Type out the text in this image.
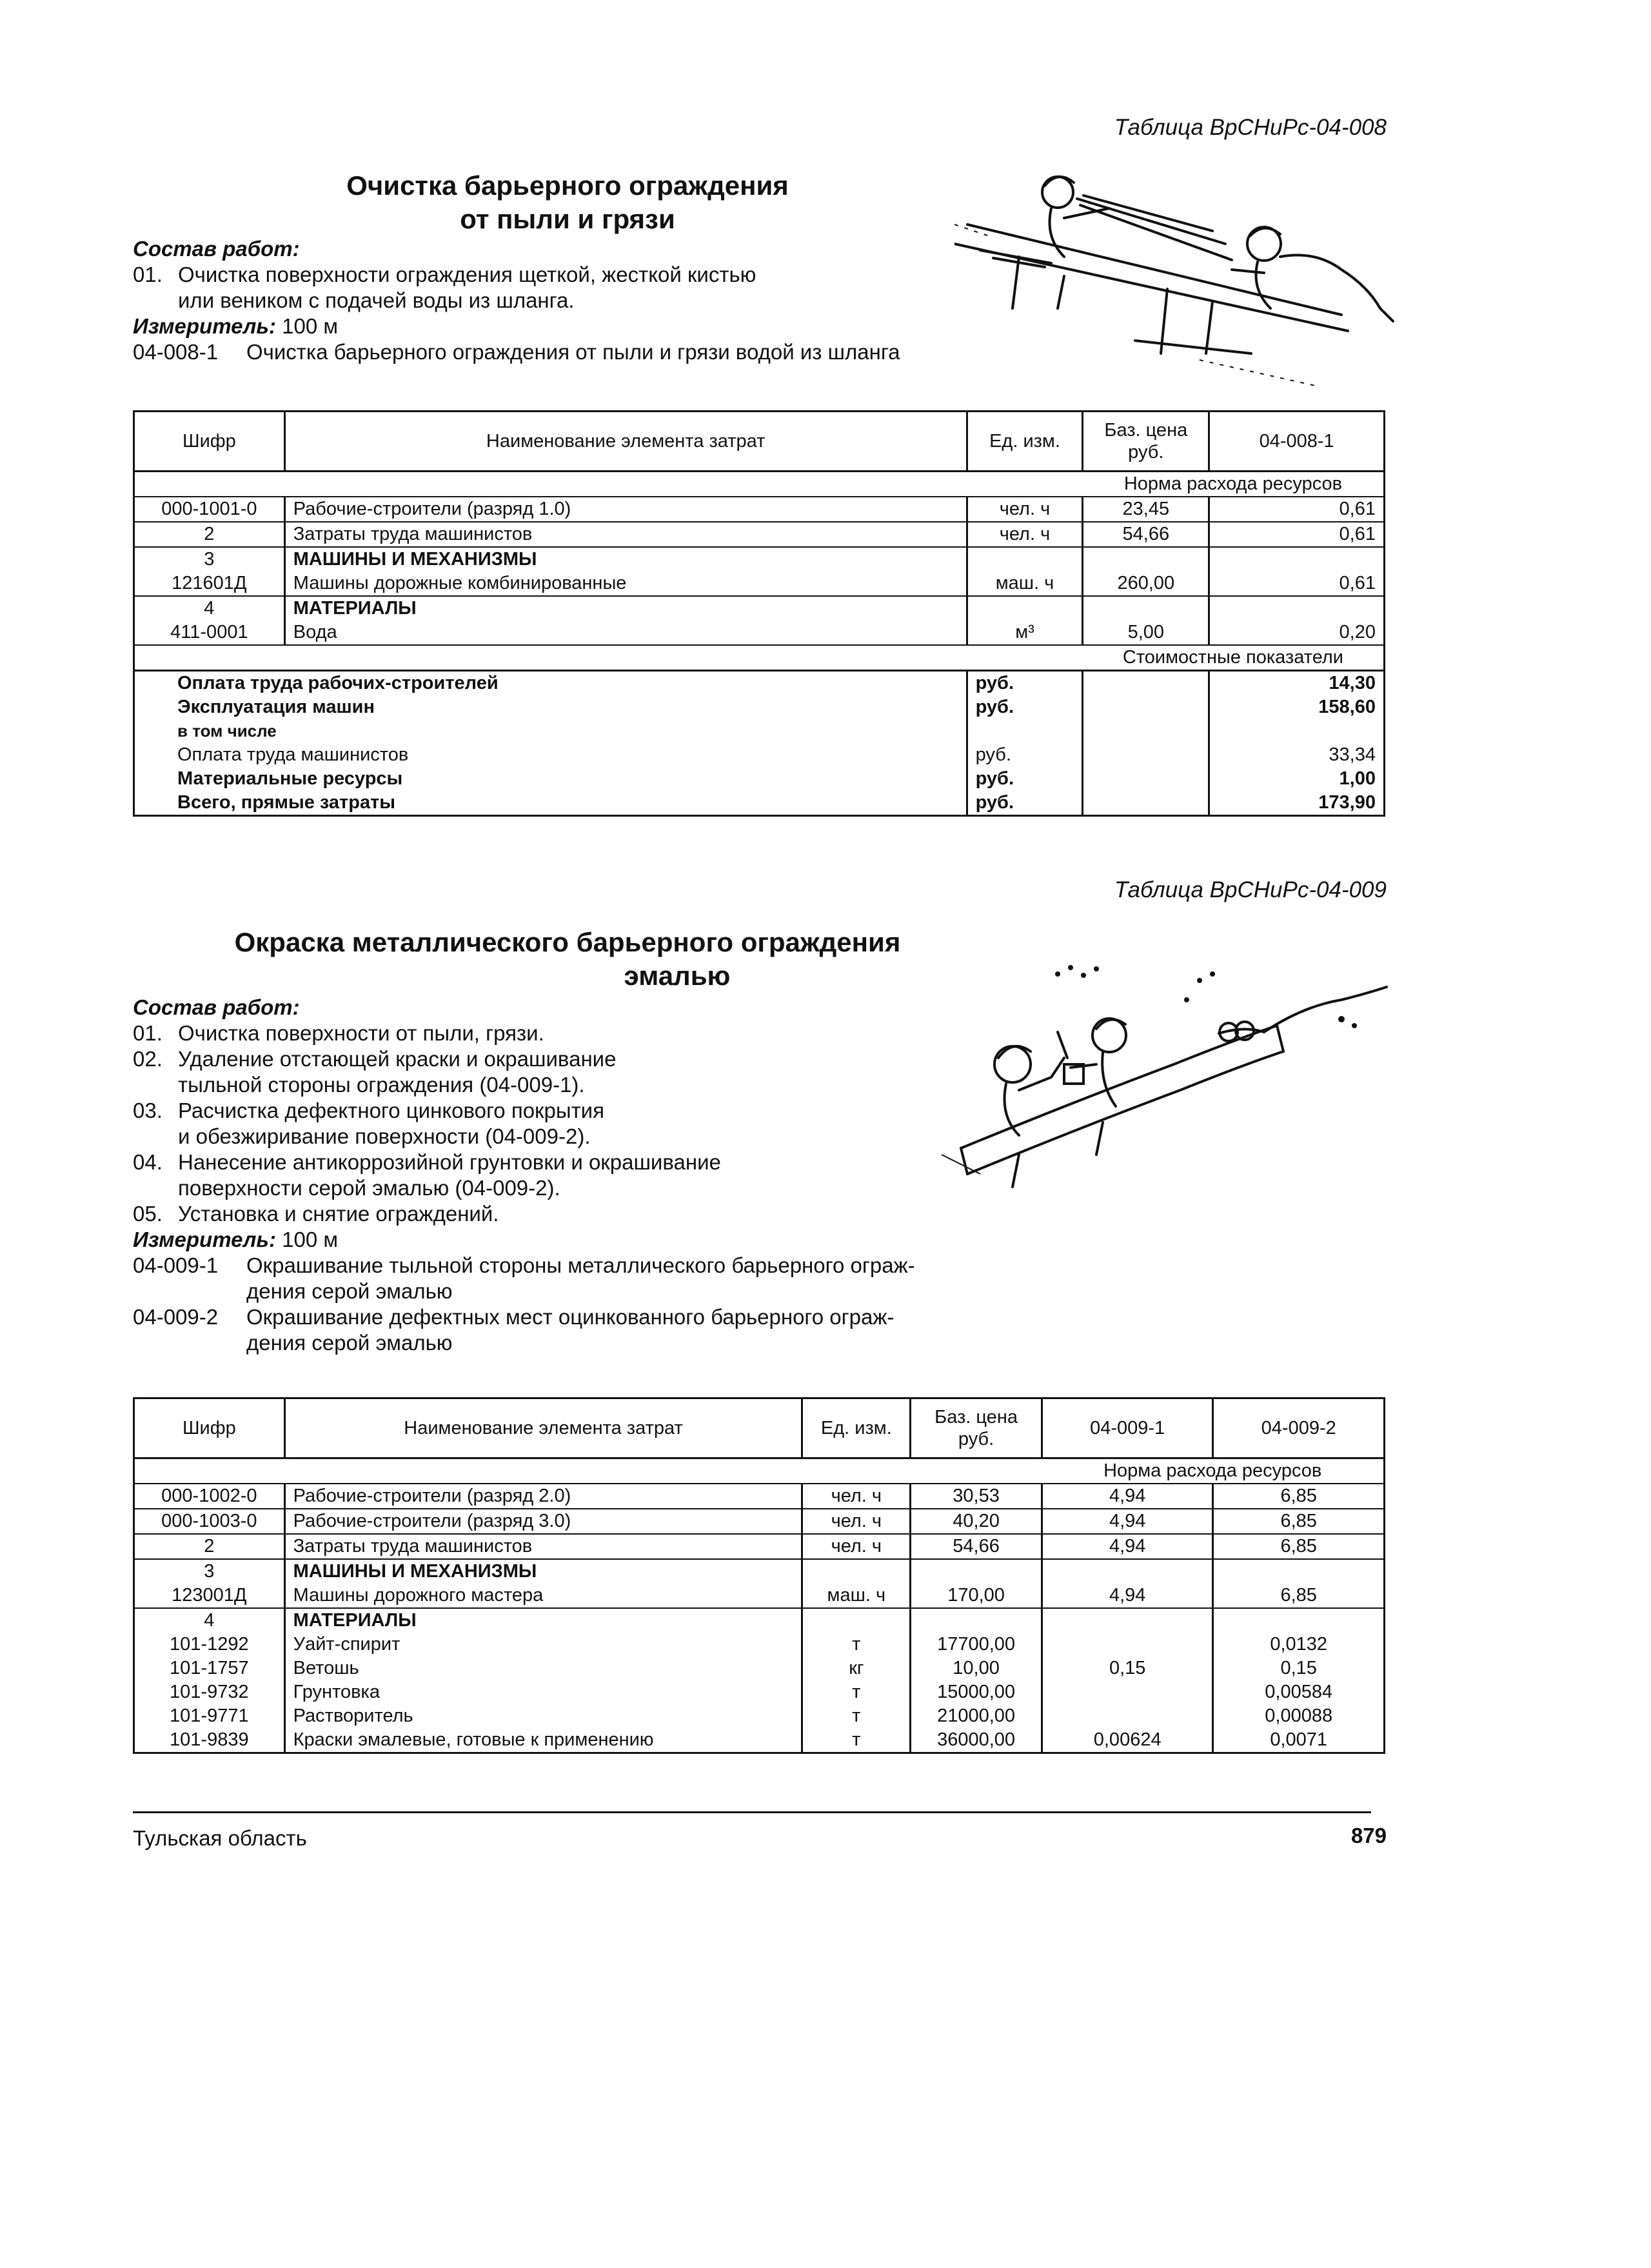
Таблица ВрСНиРс-04-008
Очистка барьерного ограждения
от пыли и грязи
Состав работ:
01. Очистка поверхности ограждения щеткой, жесткой кистью
или веником с подачей воды из шланга.
Измеритель: 100 м
04-008-1	Очистка барьерного ограждения от пыли и грязи водой из шланга
Шифр	Наименование элемента затрат	Ед. изм.	Баз. цена руб.	04-008-1
			Норма расхода ресурсов	
000-1001-0	Рабочие-строители (разряд 1.0)	чел. ч	23,45	0,61
2	Затраты труда машинистов	чел. ч	54,66	0,61
3	МАШИНЫ И МЕХАНИЗМЫ			
121601Д	Машины дорожные комбинированные	маш. ч	260,00	0,61
4	МАТЕРИАЛЫ			
411-0001	Вода	м³	5,00	0,20
			Стоимостные показатели	
Оплата труда рабочих-строителей		руб.		14,30
Эксплуатация машин		руб.		158,60
в том числе				
Оплата труда машинистов		руб.		33,34
Материальные ресурсы		руб.		1,00
Всего, прямые затраты		руб.		173,90
Таблица ВрСНиРс-04-009
Окраска металлического барьерного ограждения
эмалью
Состав работ:
01. Очистка поверхности от пыли, грязи.
02. Удаление отстающей краски и окрашивание
тыльной стороны ограждения (04-009-1).
03. Расчистка дефектного цинкового покрытия
и обезжиривание поверхности (04-009-2).
04. Нанесение антикоррозийной грунтовки и окрашивание
поверхности серой эмалью (04-009-2).
05. Установка и снятие ограждений.
Измеритель: 100 м
04-009-1	Окрашивание тыльной стороны металлического барьерного ограж-
дения серой эмалью
04-009-2	Окрашивание дефектных мест оцинкованного барьерного ограж-
дения серой эмалью
Шифр	Наименование элемента затрат	Ед. изм.	Баз. цена руб.	04-009-1	04-009-2
				Норма расхода ресурсов	
000-1002-0	Рабочие-строители (разряд 2.0)	чел. ч	30,53	4,94	6,85
000-1003-0	Рабочие-строители (разряд 3.0)	чел. ч	40,20	4,94	6,85
2	Затраты труда машинистов	чел. ч	54,66	4,94	6,85
3	МАШИНЫ И МЕХАНИЗМЫ				
123001Д	Машины дорожного мастера	маш. ч	170,00	4,94	6,85
4	МАТЕРИАЛЫ				
101-1292	Уайт-спирит	т	17700,00		0,0132
101-1757	Ветошь	кг	10,00	0,15	0,15
101-9732	Грунтовка	т	15000,00		0,00584
101-9771	Растворитель	т	21000,00		0,00088
101-9839	Краски эмалевые, готовые к применению	т	36000,00	0,00624	0,0071
Тульская область	879
